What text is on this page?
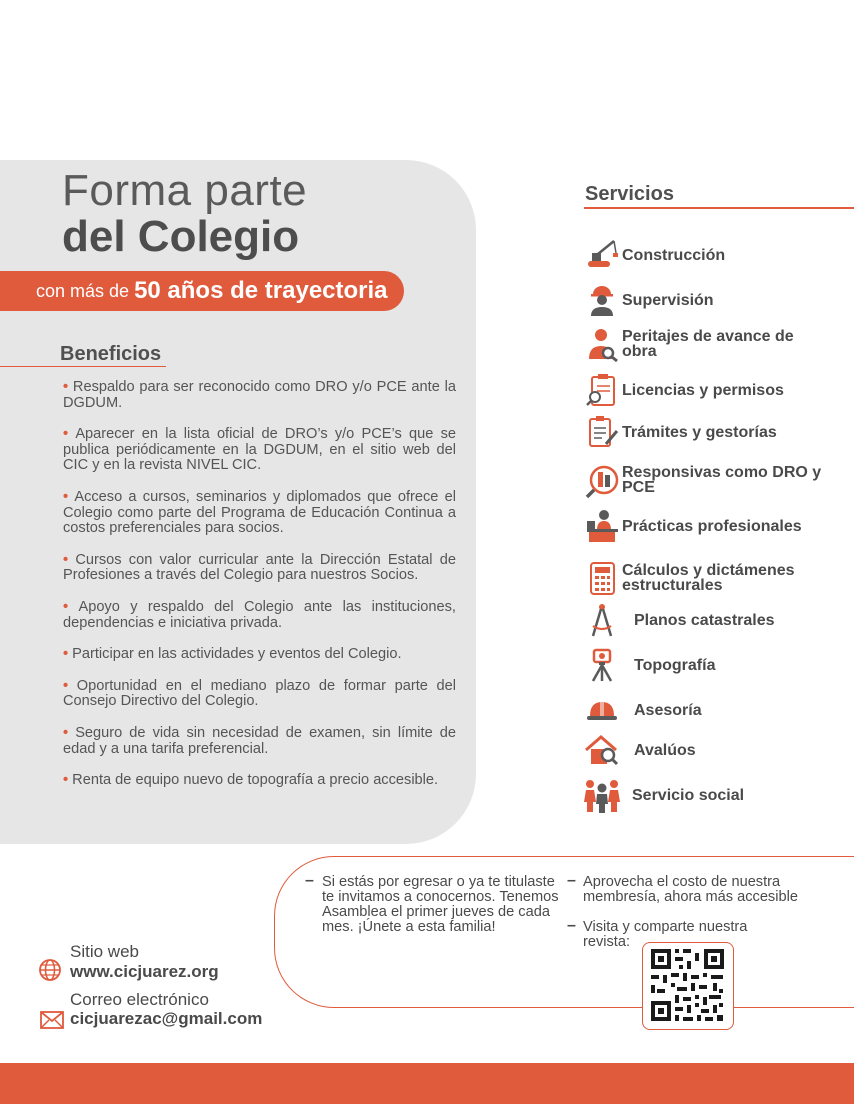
Forma parte
del Colegio
con más de 50 años de trayectoria
Beneficios
• Respaldo para ser reconocido como DRO y/o PCE ante la DGDUM.
• Aparecer en la lista oficial de DRO’s y/o PCE’s que se publica periódicamente en la DGDUM, en el sitio web del CIC y en la revista NIVEL CIC.
• Acceso a cursos, seminarios y diplomados que ofrece el Colegio como parte del Programa de Educación Continua a costos preferenciales para socios.
• Cursos con valor curricular ante la Dirección Estatal de Profesiones a través del Colegio para nuestros Socios.
• Apoyo y respaldo del Colegio ante las instituciones, dependencias e iniciativa privada.
• Participar en las actividades y eventos del Colegio.
• Oportunidad en el mediano plazo de formar parte del Consejo Directivo del Colegio.
• Seguro de vida sin necesidad de examen, sin límite de edad y a una tarifa preferencial.
• Renta de equipo nuevo de topografía a precio accesible.
Servicios
Construcción
Supervisión
Peritajes de avance de obra
Licencias y permisos
Trámites y gestorías
Responsivas como DRO y PCE
Prácticas profesionales
Cálculos y dictámenes estructurales
Planos catastrales
Topografía
Asesoría
Avalúos
Servicio social
– Si estás por egresar o ya te titulaste te invitamos a conocernos. Tenemos Asamblea el primer jueves de cada mes. ¡Únete a esta familia!
– Aprovecha el costo de nuestra membresía, ahora más accesible
– Visita y comparte nuestra revista:
Sitio web
www.cicjuarez.org
Correo electrónico
cicjuarezac@gmail.com
